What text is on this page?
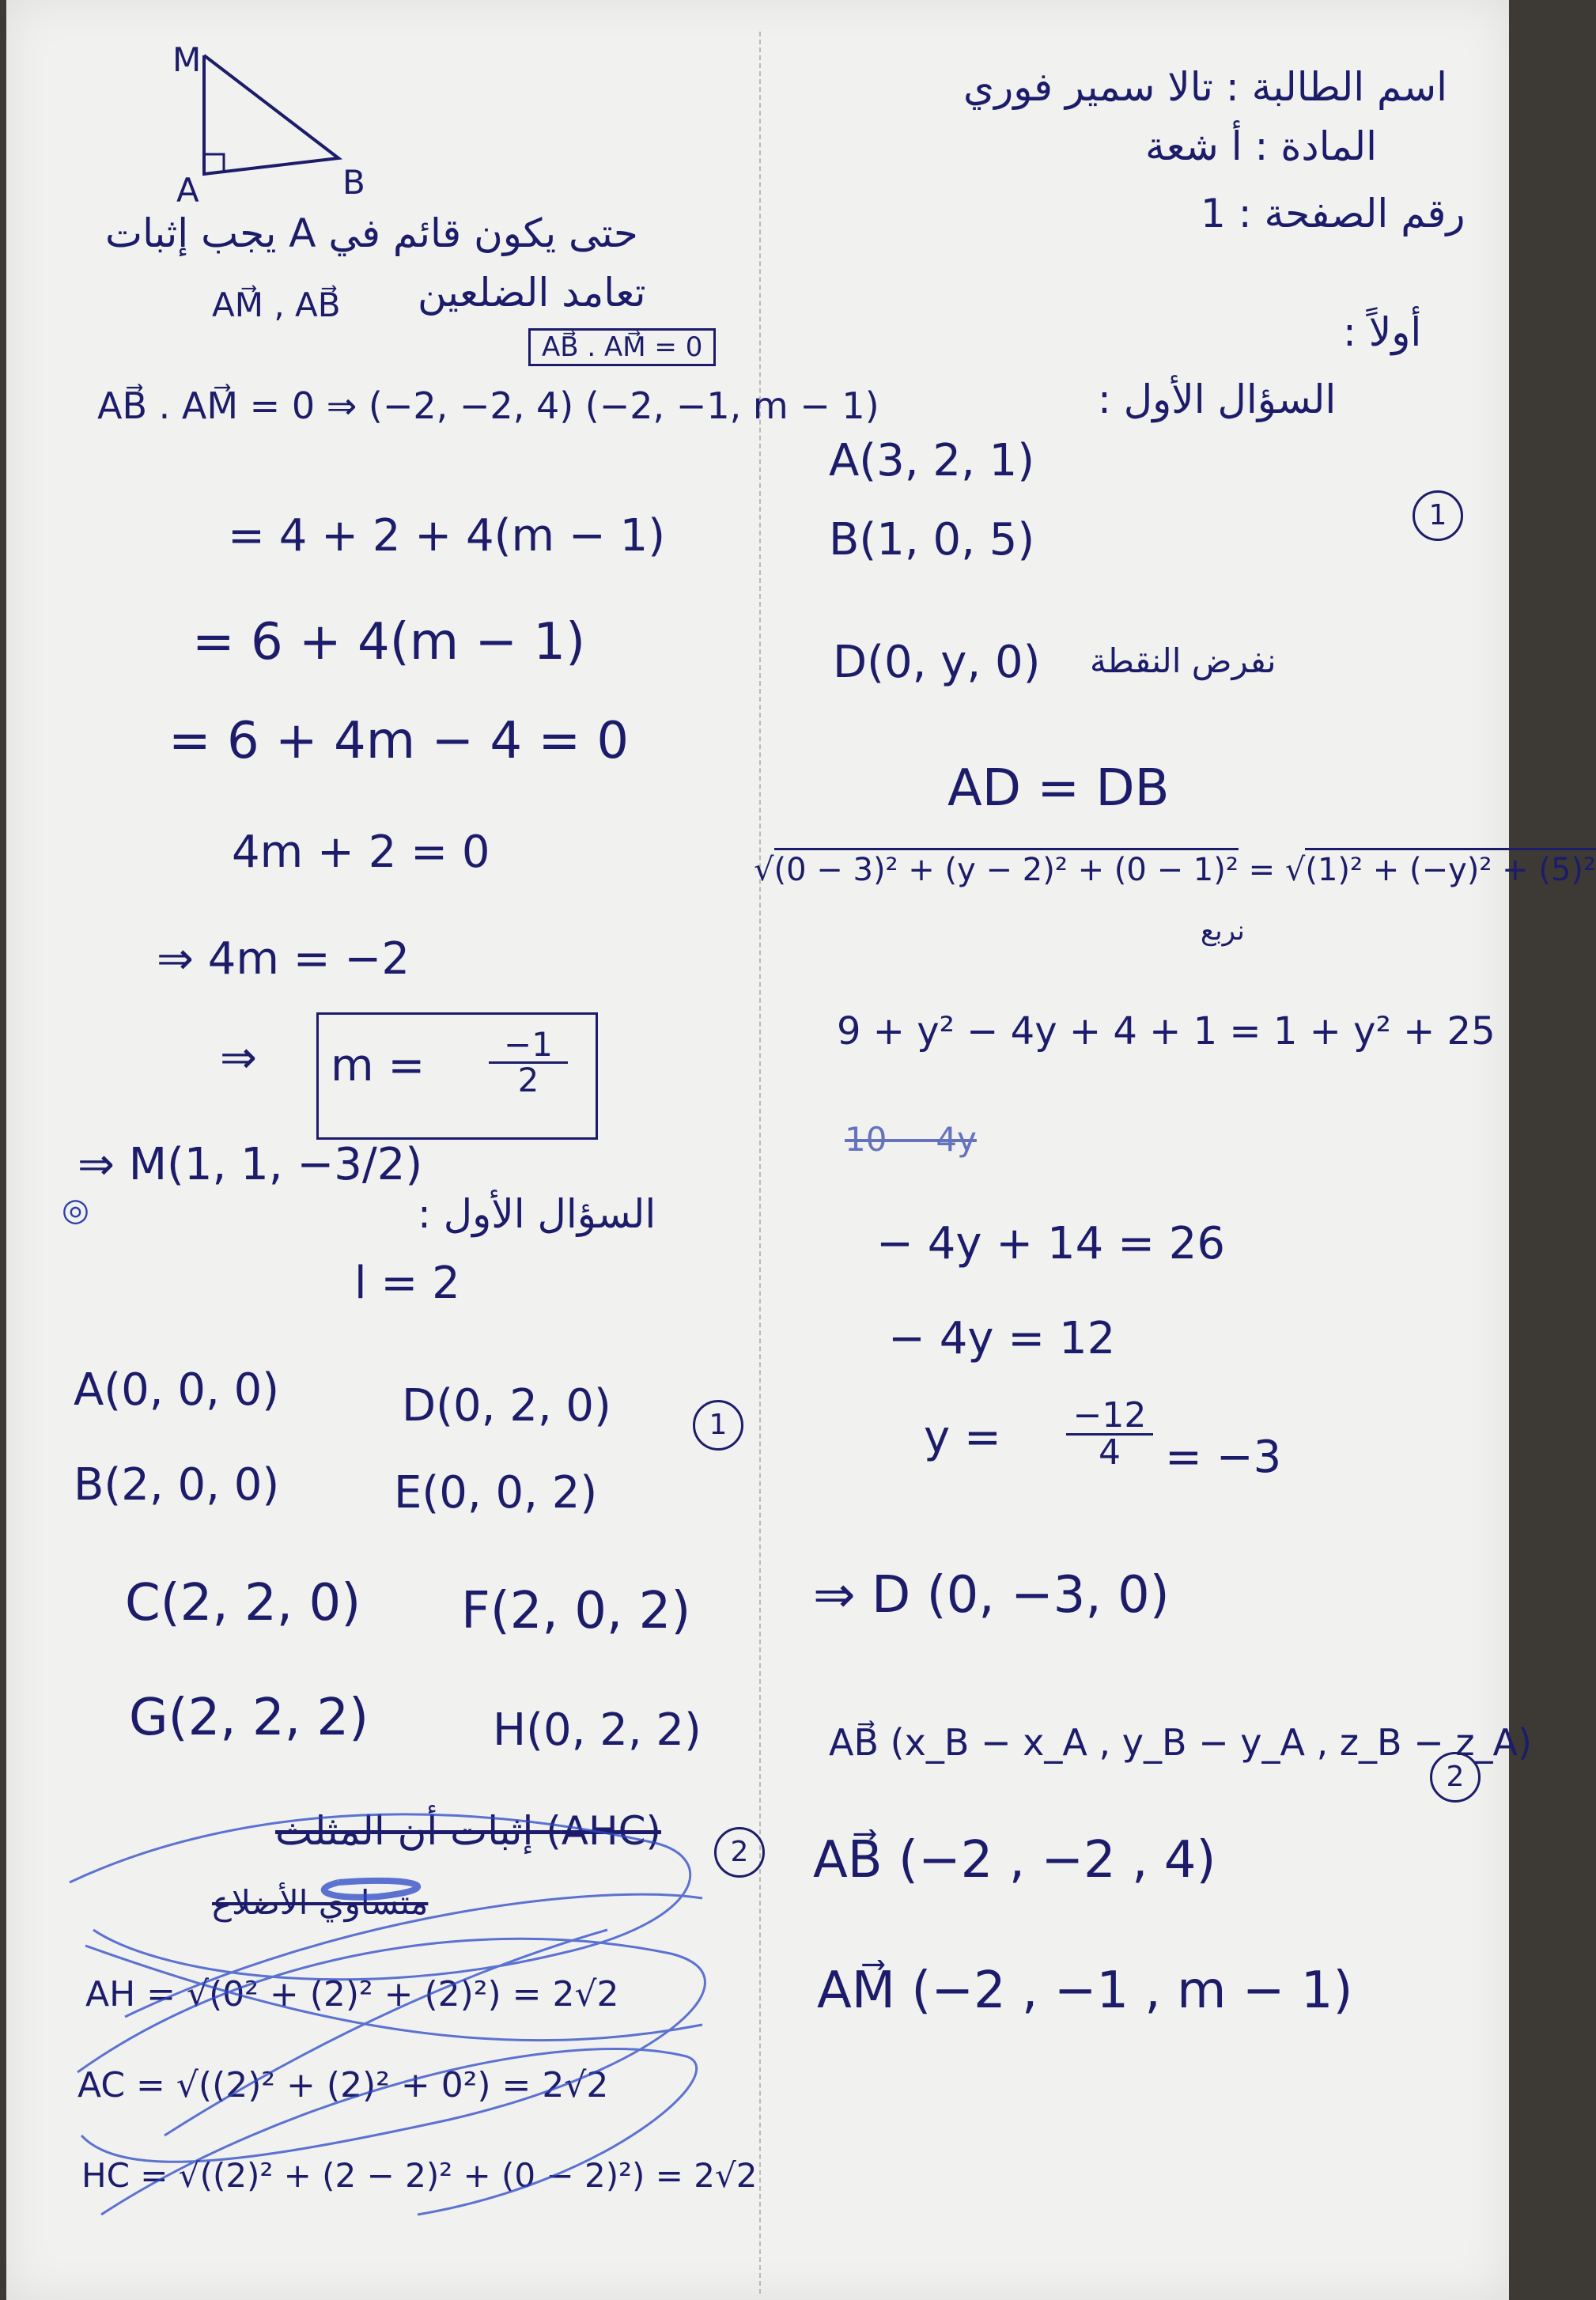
اسم الطالبة : تالا سمير فوري
المادة : أ شعة
رقم الصفحة : 1
أولاً :
السؤال الأول :
A(3, 2, 1)
B(1, 0, 5)	1
نفرض النقطة
D(0, y, 0)
AD = DB
√(0 − 3)² + (y − 2)² + (0 − 1)² = √(1)² + (−y)² + (5)²
نربع
9 + y² − 4y + 4 + 1 = 1 + y² + 25
10 − 4y
− 4y + 14 = 26
− 4y = 12
$y = \frac{-12}{4} = -3$
⇒ D (0, −3, 0)
2
AB⃗ (x_B − x_A , y_B − y_A , z_B − z_A)
AB⃗ (−2 , −2 , 4)
AM⃗ (−2 , −1 , m − 1)
M
A	B
حتى يكون قائم في A يجب إثبات
تعامد الضلعين
AM⃗ , AB⃗
AB⃗ . AM⃗ = 0
AB⃗ . AM⃗ = 0 ⇒ (−2, −2, 4) (−2, −1, m − 1)
= 4 + 2 + 4(m − 1)
= 6 + 4(m − 1)
= 6 + 4m − 4 = 0
4m + 2 = 0
⇒ 4m = −2
⇒ $m = \frac{-1}{2}$
⇒ M(1, 1, −3/2)
◎	السؤال الأول :
l = 2
A(0, 0, 0)	D(0, 2, 0)	1
B(2, 0, 0)	E(0, 0, 2)
C(2, 2, 0) F(2, 0, 2)
G(2, 2, 2)	H(0, 2, 2)
2
(AHC) إثبات أن المثلث
متساوي الأضلاع
AH = √(0² + (2)² + (2)²) = 2√2
AC = √((2)² + (2)² + 0²) = 2√2
HC = √((2)² + (2 − 2)² + (0 − 2)²) = 2√2
